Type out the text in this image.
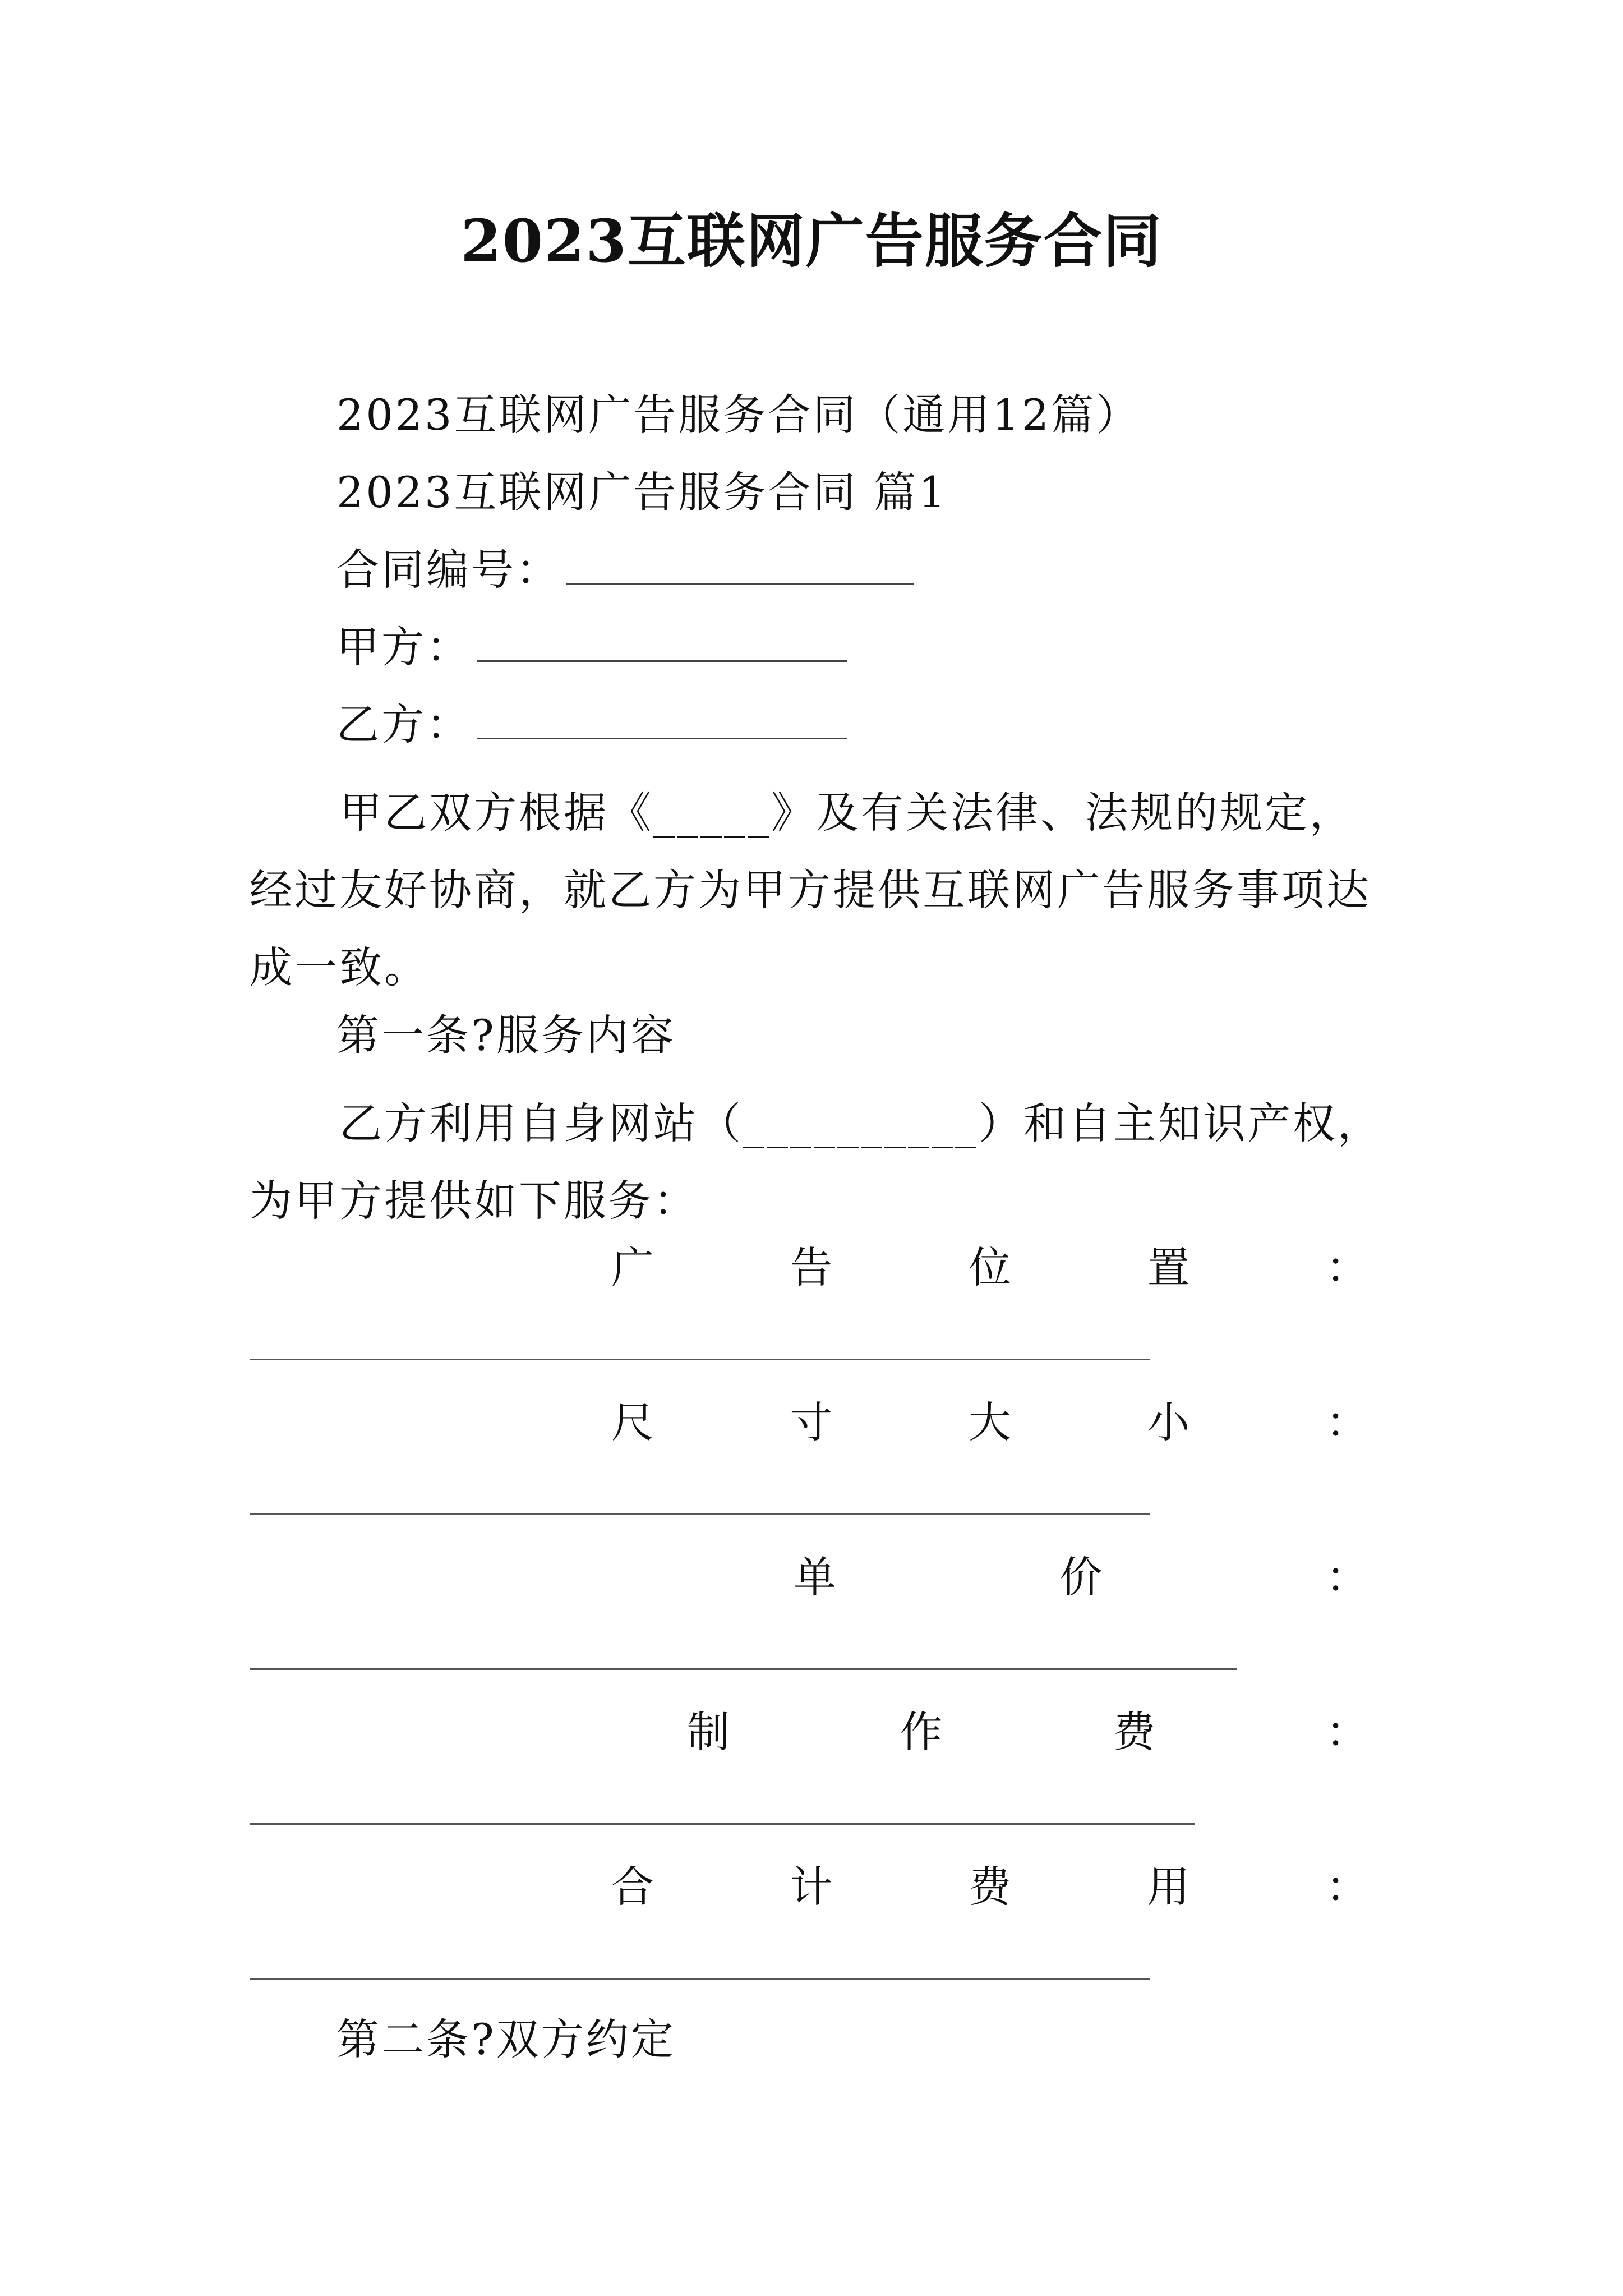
2023互联网广告服务合同
2023互联网广告服务合同（通用12篇）
2023互联网广告服务合同 篇1
合同编号：
甲方：
乙方：
甲乙双方根据《_____》及有关法律、法规的规定，经过友好协商，就乙方为甲方提供互联网广告服务事项达成一致。
第一条?服务内容
乙方利用自身网站（__________）和自主知识产权，为甲方提供如下服务：
广	告	位	置	：
尺	寸	大	小	：
单	价	：
制	作	费	：
合	计	费	用	：
第二条?双方约定
